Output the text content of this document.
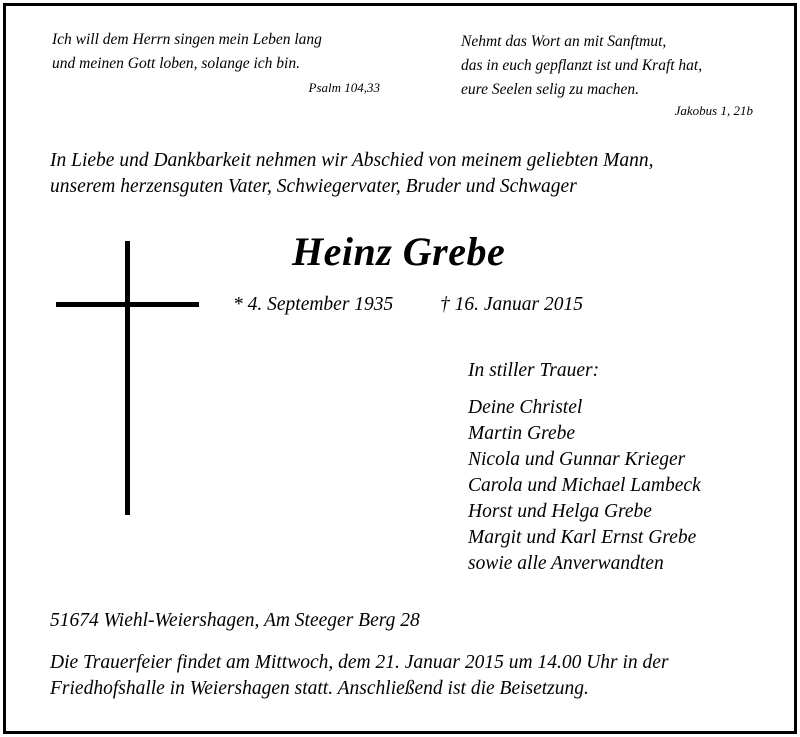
Ich will dem Herrn singen mein Leben lang
und meinen Gott loben, solange ich bin.
Psalm 104,33
Nehmt das Wort an mit Sanftmut,
das in euch gepflanzt ist und Kraft hat,
eure Seelen selig zu machen.
Jakobus 1, 21b
In Liebe und Dankbarkeit nehmen wir Abschied von meinem geliebten Mann,
unserem herzensguten Vater, Schwiegervater, Bruder und Schwager
Heinz Grebe
* 4. September 1935 † 16. Januar 2015
In stiller Trauer:
Deine Christel
Martin Grebe
Nicola und Gunnar Krieger
Carola und Michael Lambeck
Horst und Helga Grebe
Margit und Karl Ernst Grebe
sowie alle Anverwandten
51674 Wiehl-Weiershagen, Am Steeger Berg 28
Die Trauerfeier findet am Mittwoch, dem 21. Januar 2015 um 14.00 Uhr in der
Friedhofshalle in Weiershagen statt. Anschließend ist die Beisetzung.
